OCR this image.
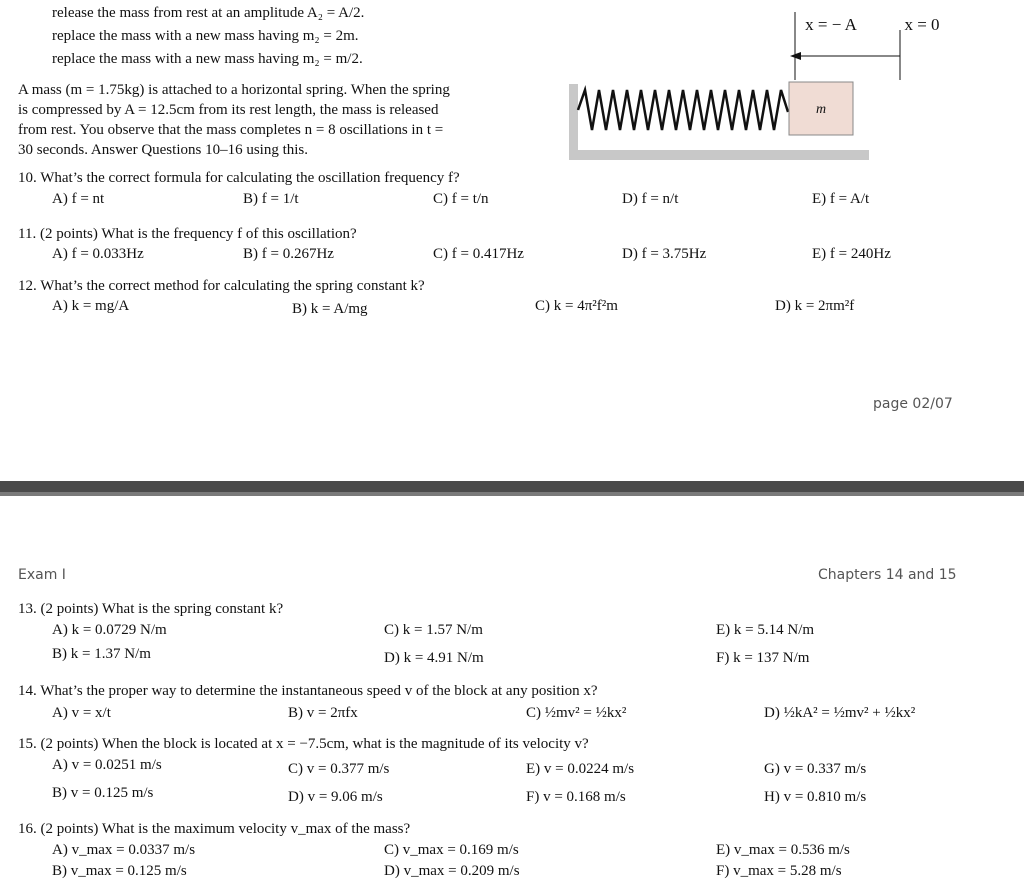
release the mass from rest at an amplitude A₂ = A/2.
replace the mass with a new mass having m₂ = 2m.
replace the mass with a new mass having m₂ = m/2.
A mass (m = 1.75kg) is attached to a horizontal spring. When the spring
is compressed by A = 12.5cm from its rest length, the mass is released
from rest. You observe that the mass completes n = 8 oscillations in t =
30 seconds. Answer Questions 10–16 using this.
m
x = − A	x = 0
10. What’s the correct formula for calculating the oscillation frequency f?
A) f = nt	B) f = 1/t	C) f = t/n	D) f = n/t	E) f = A/t
11. (2 points) What is the frequency f of this oscillation?
A) f = 0.033Hz	B) f = 0.267Hz	C) f = 0.417Hz	D) f = 3.75Hz	E) f = 240Hz
12. What’s the correct method for calculating the spring constant k?
A) k = mg/A	B) k = A/mg	C) k = 4π²f²m	D) k = 2πm²f
page 02/07
Exam I	Chapters 14 and 15
13. (2 points) What is the spring constant k?
A) k = 0.0729 N/m
B) k = 1.37 N/m
C) k = 1.57 N/m
D) k = 4.91 N/m
E) k = 5.14 N/m
F) k = 137 N/m
14. What’s the proper way to determine the instantaneous speed v of the block at any position x?
A) v = x/t	B) v = 2πfx	C) ½mv² = ½kx²	D) ½kA² = ½mv² + ½kx²
15. (2 points) When the block is located at x = −7.5cm, what is the magnitude of its velocity v?
A) v = 0.0251 m/s
B) v = 0.125 m/s
C) v = 0.377 m/s
D) v = 9.06 m/s
E) v = 0.0224 m/s
F) v = 0.168 m/s
G) v = 0.337 m/s
H) v = 0.810 m/s
16. (2 points) What is the maximum velocity v_max of the mass?
A) v_max = 0.0337 m/s
B) v_max = 0.125 m/s
C) v_max = 0.169 m/s
D) v_max = 0.209 m/s
E) v_max = 0.536 m/s
F) v_max = 5.28 m/s
